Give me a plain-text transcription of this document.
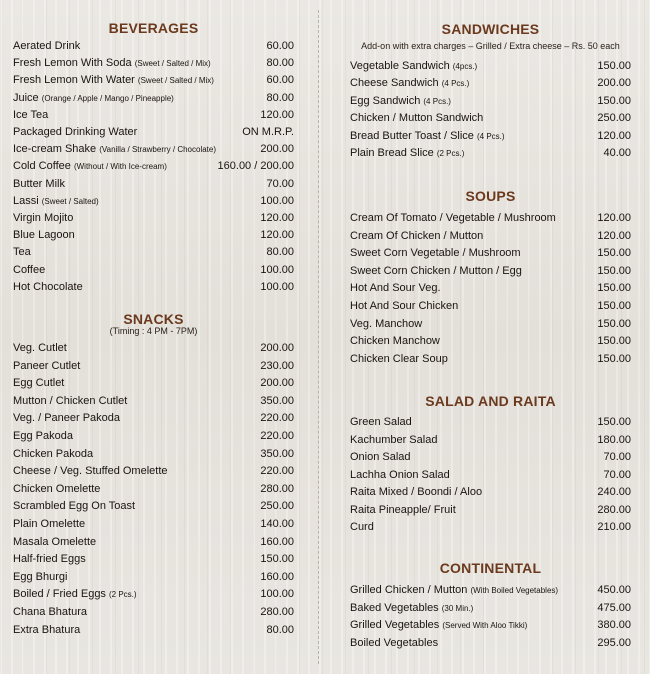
BEVERAGES
Aerated Drink	60.00
Fresh Lemon With Soda (Sweet / Salted / Mix)	80.00
Fresh Lemon With Water (Sweet / Salted / Mix)	60.00
Juice (Orange / Apple / Mango / Pineapple)	80.00
Ice Tea	120.00
Packaged Drinking Water	ON M.R.P.
Ice-cream Shake (Vanilla / Strawberry / Chocolate)	200.00
Cold Coffee (Without / With Ice-cream)	160.00 / 200.00
Butter Milk	70.00
Lassi (Sweet / Salted)	100.00
Virgin Mojito	120.00
Blue Lagoon	120.00
Tea	80.00
Coffee	100.00
Hot Chocolate	100.00
SNACKS
(Timing : 4 PM - 7PM)
Veg. Cutlet	200.00
Paneer Cutlet	230.00
Egg Cutlet	200.00
Mutton / Chicken Cutlet	350.00
Veg. / Paneer Pakoda	220.00
Egg Pakoda	220.00
Chicken Pakoda	350.00
Cheese / Veg. Stuffed Omelette	220.00
Chicken Omelette	280.00
Scrambled Egg On Toast	250.00
Plain Omelette	140.00
Masala Omelette	160.00
Half-fried Eggs	150.00
Egg Bhurgi	160.00
Boiled / Fried Eggs (2 Pcs.)	100.00
Chana Bhatura	280.00
Extra Bhatura	80.00
SANDWICHES
Add-on with extra charges – Grilled / Extra cheese – Rs. 50 each
Vegetable Sandwich (4pcs.)	150.00
Cheese Sandwich (4 Pcs.)	200.00
Egg Sandwich (4 Pcs.)	150.00
Chicken / Mutton Sandwich	250.00
Bread Butter Toast / Slice (4 Pcs.)	120.00
Plain Bread Slice (2 Pcs.)	40.00
SOUPS
Cream Of Tomato / Vegetable / Mushroom	120.00
Cream Of Chicken / Mutton	120.00
Sweet Corn Vegetable / Mushroom	150.00
Sweet Corn Chicken / Mutton / Egg	150.00
Hot And Sour Veg.	150.00
Hot And Sour Chicken	150.00
Veg. Manchow	150.00
Chicken Manchow	150.00
Chicken Clear Soup	150.00
SALAD AND RAITA
Green Salad	150.00
Kachumber Salad	180.00
Onion Salad	70.00
Lachha Onion Salad	70.00
Raita Mixed / Boondi / Aloo	240.00
Raita Pineapple/ Fruit	280.00
Curd	210.00
CONTINENTAL
Grilled Chicken / Mutton (With Boiled Vegetables)	450.00
Baked Vegetables (30 Min.)	475.00
Grilled Vegetables (Served With Aloo Tikki)	380.00
Boiled Vegetables	295.00
